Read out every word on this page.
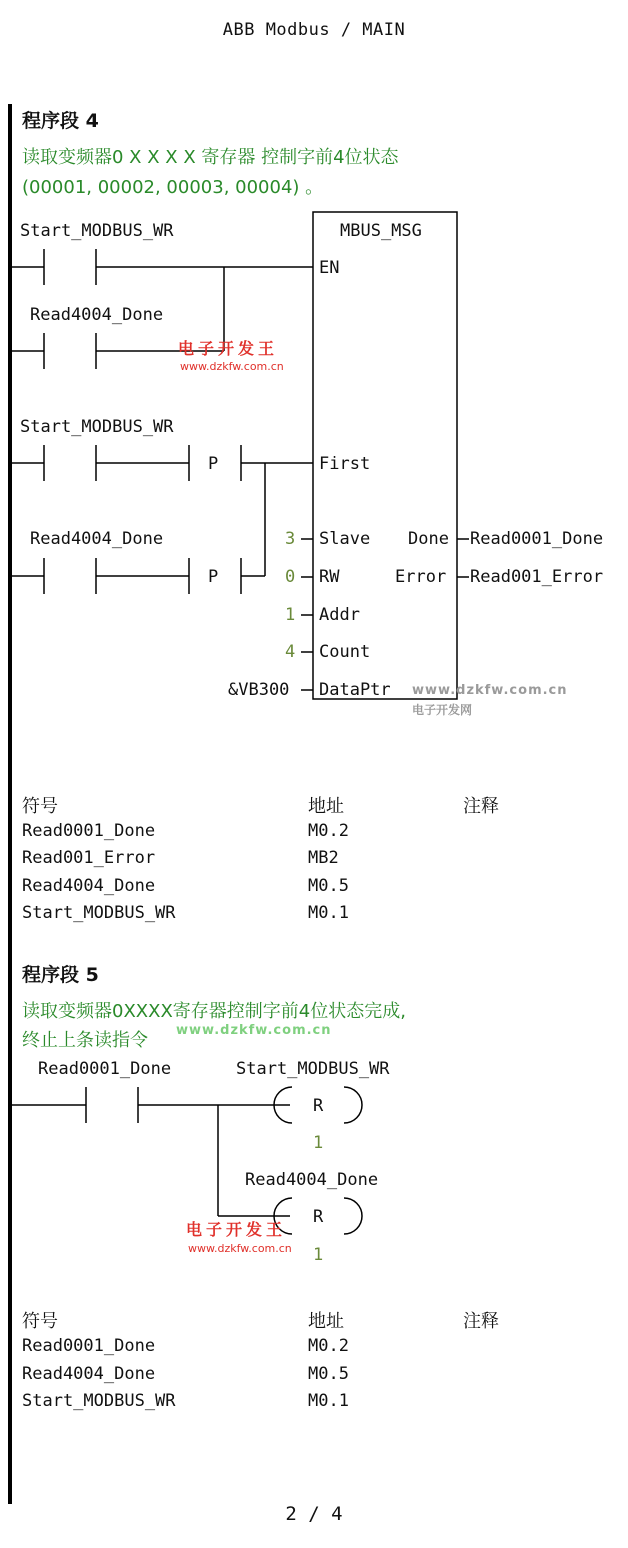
ABB Modbus / MAIN
程序段 4
读取变频器0 X X X X 寄存器 控制字前4位状态
(00001, 00002, 00003, 00004) 。
Start_MODBUS_WR
Read4004_Done
Start_MODBUS_WR
Read4004_Done
P
P
MBUS_MSG
EN
First
Slave
RW
Addr
Count
DataPtr
Done
Error
3
0
1
4
&VB300
Read0001_Done
Read001_Error
电子开发王
www.dzkfw.com.cn
www.dzkfw.com.cn
电子开发网
符号	地址	注释
Read0001_Done	M0.2
Read001_Error	MB2
Read4004_Done	M0.5
Start_MODBUS_WR	M0.1
程序段 5
读取变频器0XXXX寄存器控制字前4位状态完成,
终止上条读指令 www.dzkfw.com.cn
Read0001_Done	Start_MODBUS_WR
R
1
Read4004_Done
R
1
电子开发王
www.dzkfw.com.cn
符号	地址	注释
Read0001_Done	M0.2
Read4004_Done	M0.5
Start_MODBUS_WR	M0.1
2 / 4
